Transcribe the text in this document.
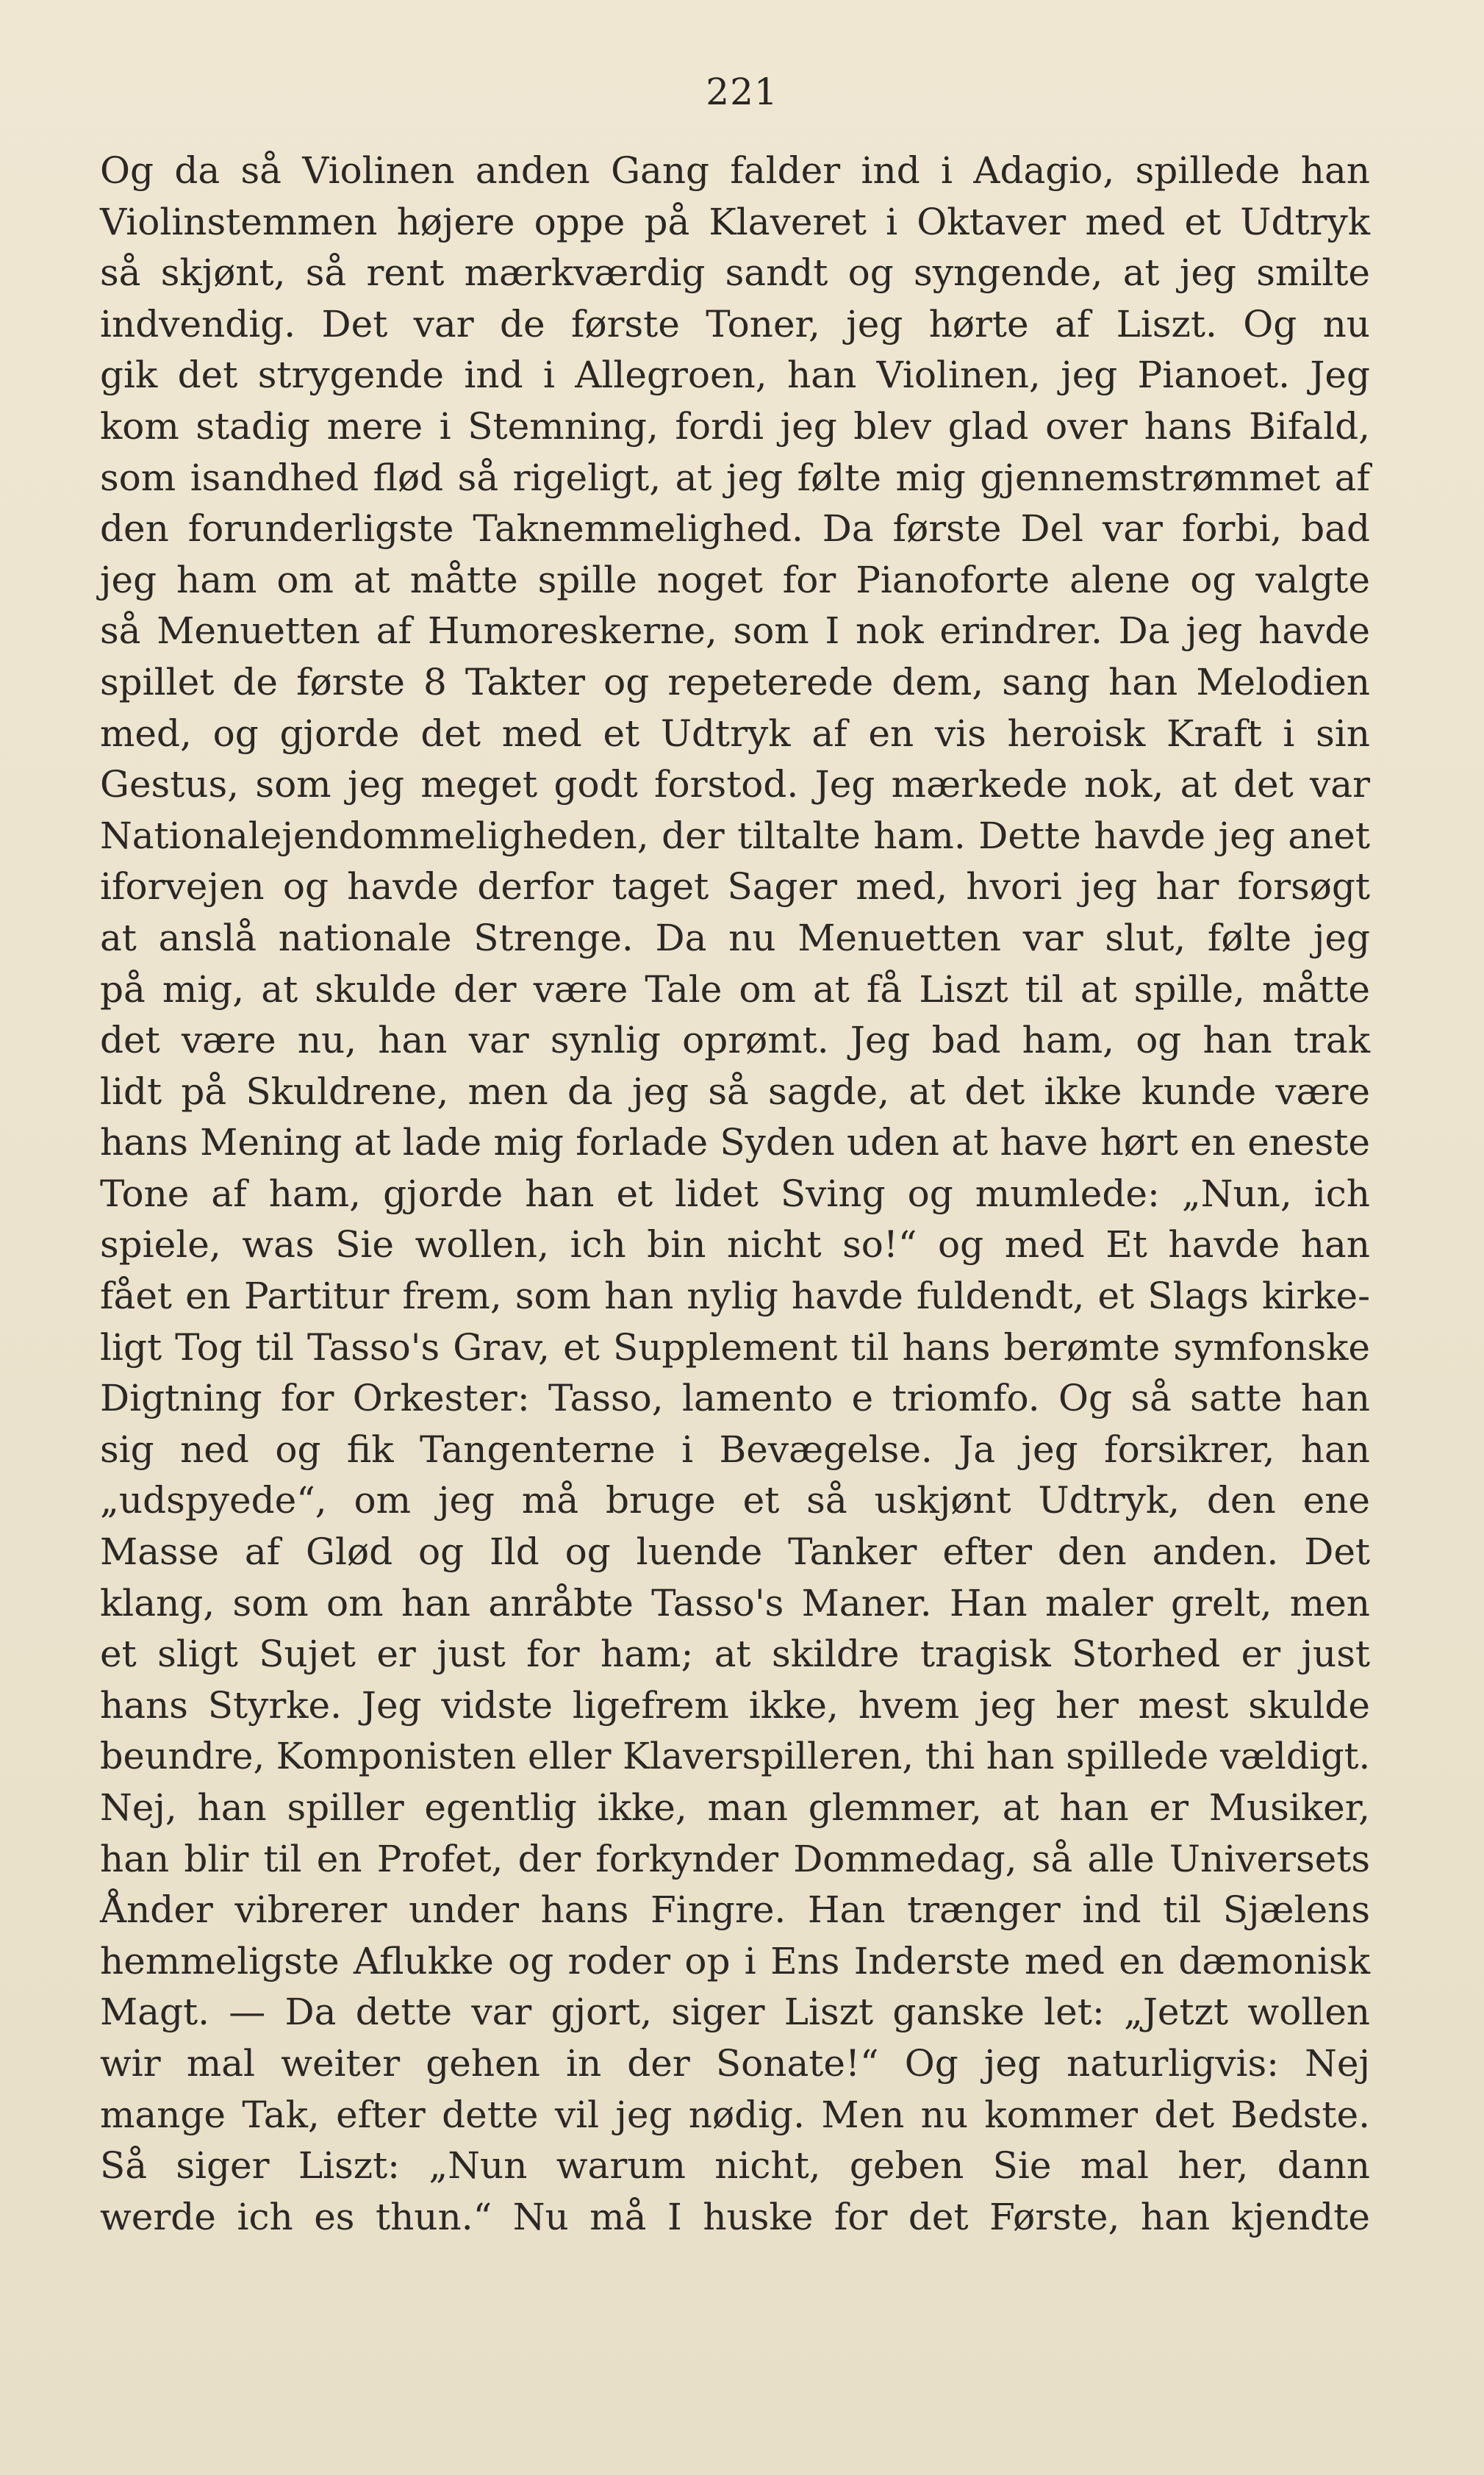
221
Og da så Violinen anden Gang falder ind i Adagio, spillede han
Violinstemmen højere oppe på Klaveret i Oktaver med et Udtryk
så skjønt, så rent mærkværdig sandt og syngende, at jeg smilte
indvendig. Det var de første Toner, jeg hørte af Liszt. Og nu
gik det strygende ind i Allegroen, han Violinen, jeg Pianoet. Jeg
kom stadig mere i Stemning, fordi jeg blev glad over hans Bifald,
som isandhed flød så rigeligt, at jeg følte mig gjennemstrømmet af
den forunderligste Taknemmelighed. Da første Del var forbi, bad
jeg ham om at måtte spille noget for Pianoforte alene og valgte
så Menuetten af Humoreskerne, som I nok erindrer. Da jeg havde
spillet de første 8 Takter og repeterede dem, sang han Melodien
med, og gjorde det med et Udtryk af en vis heroisk Kraft i sin
Gestus, som jeg meget godt forstod. Jeg mærkede nok, at det var
Nationalejendommeligheden, der tiltalte ham. Dette havde jeg anet
iforvejen og havde derfor taget Sager med, hvori jeg har forsøgt
at anslå nationale Strenge. Da nu Menuetten var slut, følte jeg
på mig, at skulde der være Tale om at få Liszt til at spille, måtte
det være nu, han var synlig oprømt. Jeg bad ham, og han trak
lidt på Skuldrene, men da jeg så sagde, at det ikke kunde være
hans Mening at lade mig forlade Syden uden at have hørt en eneste
Tone af ham, gjorde han et lidet Sving og mumlede: „Nun, ich
spiele, was Sie wollen, ich bin nicht so!“ og med Et havde han
fået en Partitur frem, som han nylig havde fuldendt, et Slags kirke-
ligt Tog til Tasso's Grav, et Supplement til hans berømte symfonske
Digtning for Orkester: Tasso, lamento e triomfo. Og så satte han
sig ned og fik Tangenterne i Bevægelse. Ja jeg forsikrer, han
„udspyede“, om jeg må bruge et så uskjønt Udtryk, den ene
Masse af Glød og Ild og luende Tanker efter den anden. Det
klang, som om han anråbte Tasso's Maner. Han maler grelt, men
et sligt Sujet er just for ham; at skildre tragisk Storhed er just
hans Styrke. Jeg vidste ligefrem ikke, hvem jeg her mest skulde
beundre, Komponisten eller Klaverspilleren, thi han spillede vældigt.
Nej, han spiller egentlig ikke, man glemmer, at han er Musiker,
han blir til en Profet, der forkynder Dommedag, så alle Universets
Ånder vibrerer under hans Fingre. Han trænger ind til Sjælens
hemmeligste Aflukke og roder op i Ens Inderste med en dæmonisk
Magt. — Da dette var gjort, siger Liszt ganske let: „Jetzt wollen
wir mal weiter gehen in der Sonate!“ Og jeg naturligvis: Nej
mange Tak, efter dette vil jeg nødig. Men nu kommer det Bedste.
Så siger Liszt: „Nun warum nicht, geben Sie mal her, dann
werde ich es thun.“ Nu må I huske for det Første, han kjendte
